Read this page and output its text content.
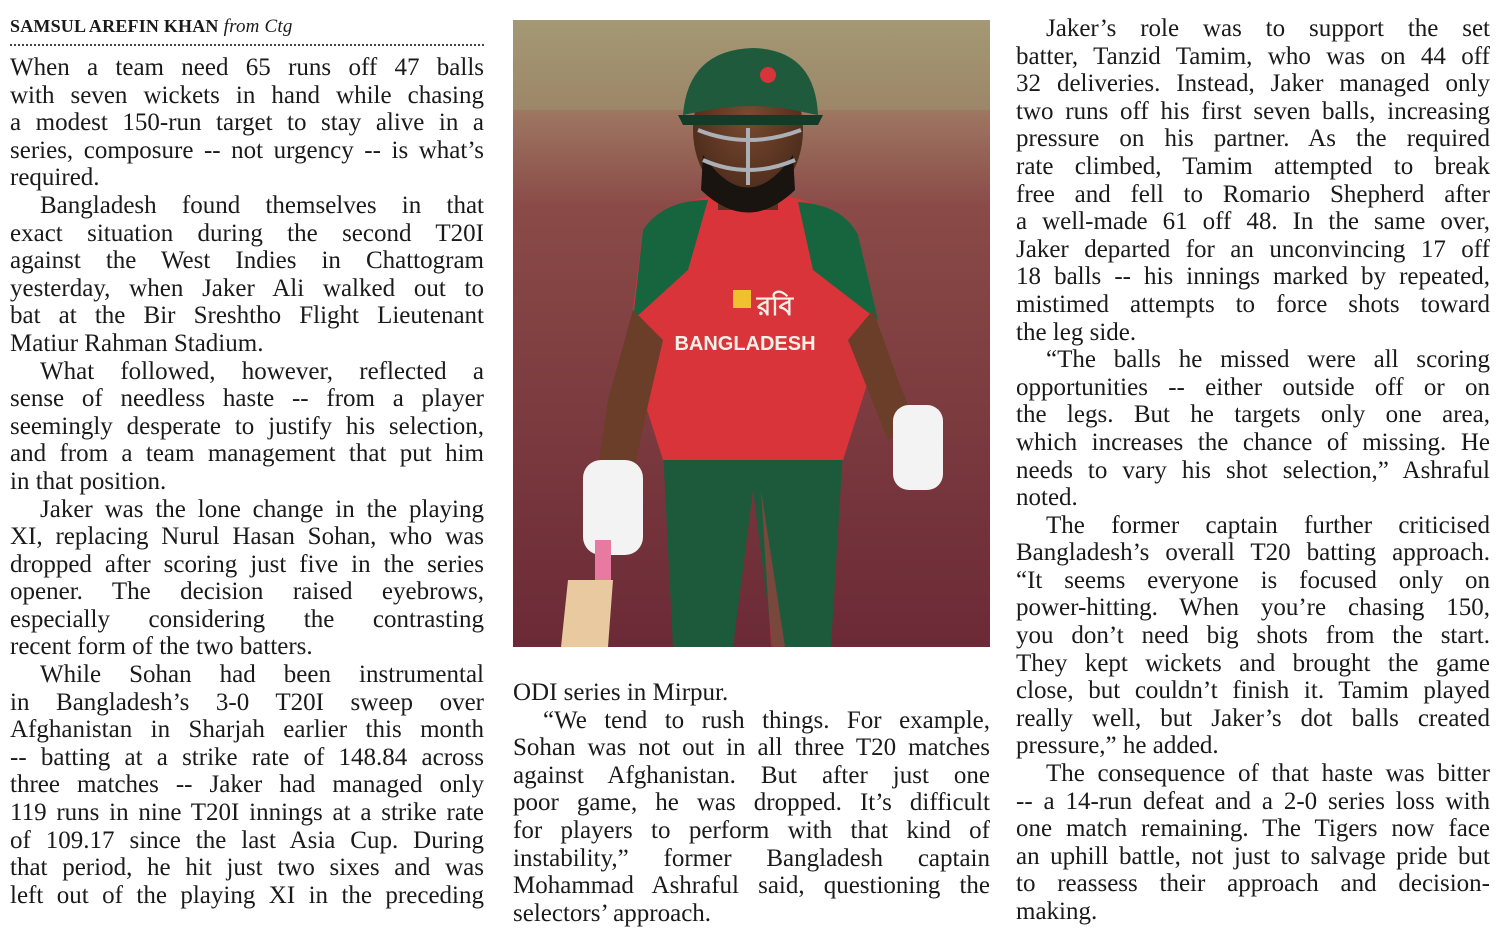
SAMSUL AREFIN KHAN from Ctg

When a team need 65 runs off 47 balls

with seven wickets in hand while chasing

a modest 150-run target to stay alive in a

series, composure -- not urgency -- is what’s

required.

Bangladesh found themselves in that

exact situation during the second T20I

against the West Indies in Chattogram

yesterday, when Jaker Ali walked out to

bat at the Bir Sreshtho Flight Lieutenant

Matiur Rahman Stadium.

What followed, however, reflected a

sense of needless haste -- from a player

seemingly desperate to justify his selection,

and from a team management that put him

in that position.

Jaker was the lone change in the playing

XI, replacing Nurul Hasan Sohan, who was

dropped after scoring just five in the series

opener. The decision raised eyebrows,

especially considering the contrasting

recent form of the two batters.

While Sohan had been instrumental

in Bangladesh’s 3-0 T20I sweep over

Afghanistan in Sharjah earlier this month

-- batting at a strike rate of 148.84 across

three matches -- Jaker had managed only

119 runs in nine T20I innings at a strike rate

of 109.17 since the last Asia Cup. During

that period, he hit just two sixes and was

left out of the playing XI in the preceding

BANGLADESH
রবি

ODI series in Mirpur.

“We tend to rush things. For example,

Sohan was not out in all three T20 matches

against Afghanistan. But after just one

poor game, he was dropped. It’s difficult

for players to perform with that kind of

instability,” former Bangladesh captain

Mohammad Ashraful said, questioning the

selectors’ approach.

Jaker’s role was to support the set

batter, Tanzid Tamim, who was on 44 off

32 deliveries. Instead, Jaker managed only

two runs off his first seven balls, increasing

pressure on his partner. As the required

rate climbed, Tamim attempted to break

free and fell to Romario Shepherd after

a well-made 61 off 48. In the same over,

Jaker departed for an unconvincing 17 off

18 balls -- his innings marked by repeated,

mistimed attempts to force shots toward

the leg side.

“The balls he missed were all scoring

opportunities -- either outside off or on

the legs. But he targets only one area,

which increases the chance of missing. He

needs to vary his shot selection,” Ashraful

noted.

The former captain further criticised

Bangladesh’s overall T20 batting approach.

“It seems everyone is focused only on

power-hitting. When you’re chasing 150,

you don’t need big shots from the start.

They kept wickets and brought the game

close, but couldn’t finish it. Tamim played

really well, but Jaker’s dot balls created

pressure,” he added.

The consequence of that haste was bitter

-- a 14-run defeat and a 2-0 series loss with

one match remaining. The Tigers now face

an uphill battle, not just to salvage pride but

to reassess their approach and decision-

making.
